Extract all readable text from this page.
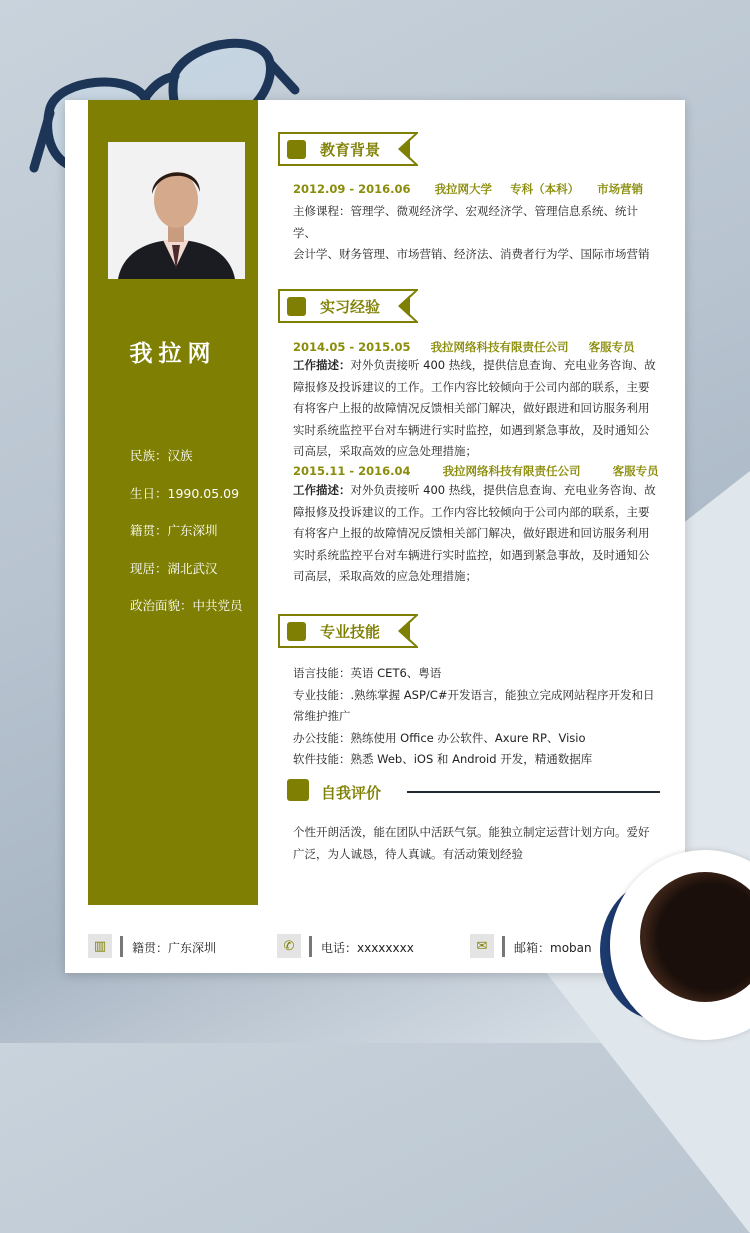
我拉网
民族：汉族
生日：1990.05.09
籍贯：广东深圳
现居：湖北武汉
政治面貌：中共党员
教育背景
2012.09 - 2016.06 我拉网大学 专科（本科） 市场营销
主修课程：管理学、微观经济学、宏观经济学、管理信息系统、统计学、
会计学、财务管理、市场营销、经济法、消费者行为学、国际市场营销
实习经验
2014.05 - 2015.05 我拉网络科技有限责任公司 客服专员
工作描述：对外负责接听 400 热线，提供信息查询、充电业务咨询、故
障报修及投诉建议的工作。工作内容比较倾向于公司内部的联系，主要
有将客户上报的故障情况反馈相关部门解决，做好跟进和回访服务利用
实时系统监控平台对车辆进行实时监控，如遇到紧急事故，及时通知公
司高层，采取高效的应急处理措施；
2015.11 - 2016.04	我拉网络科技有限责任公司	客服专员
工作描述：对外负责接听 400 热线，提供信息查询、充电业务咨询、故
障报修及投诉建议的工作。工作内容比较倾向于公司内部的联系，主要
有将客户上报的故障情况反馈相关部门解决，做好跟进和回访服务利用
实时系统监控平台对车辆进行实时监控，如遇到紧急事故，及时通知公
司高层，采取高效的应急处理措施；
专业技能
语言技能：英语 CET6、粤语
专业技能：.熟练掌握 ASP/C#开发语言，能独立完成网站程序开发和日
常维护推广
办公技能：熟练使用 Office 办公软件、Axure RP、Visio
软件技能：熟悉 Web、iOS 和 Android 开发，精通数据库
自我评价
个性开朗活泼，能在团队中活跃气氛。能独立制定运营计划方向。爱好
广泛，为人诚恳，待人真诚。有活动策划经验
▥	籍贯：广东深圳	✆	电话：xxxxxxxx	✉	邮箱：moban
